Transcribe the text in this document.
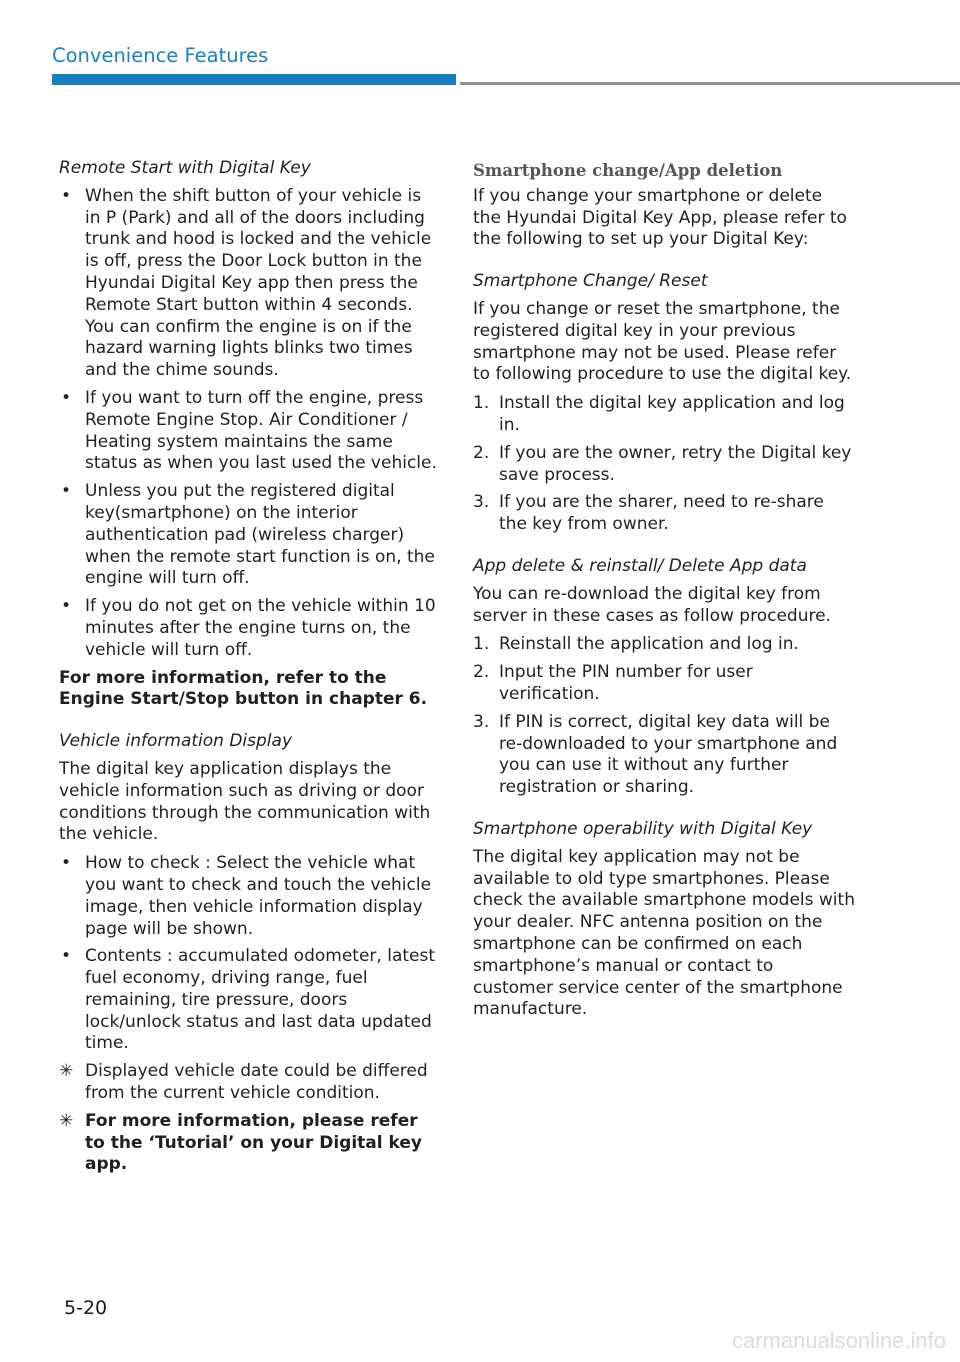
Convenience Features
Remote Start with Digital Key
• When the shift button of your vehicle is in P (Park) and all of the doors including trunk and hood is locked and the vehicle is off, press the Door Lock button in the Hyundai Digital Key app then press the Remote Start button within 4 seconds.
You can confirm the engine is on if the hazard warning lights blinks two times and the chime sounds.
• If you want to turn off the engine, press Remote Engine Stop. Air Conditioner / Heating system maintains the same status as when you last used the vehicle.
• Unless you put the registered digital key(smartphone) on the interior authentication pad (wireless charger) when the remote start function is on, the engine will turn off.
• If you do not get on the vehicle within 10 minutes after the engine turns on, the vehicle will turn off.

For more information, refer to the Engine Start/Stop button in chapter 6.

Vehicle information Display

The digital key application displays the vehicle information such as driving or door conditions through the communication with the vehicle.

• How to check : Select the vehicle what you want to check and touch the vehicle image, then vehicle information display page will be shown.
• Contents : accumulated odometer, latest fuel economy, driving range, fuel remaining, tire pressure, doors lock/unlock status and last data updated time.
✳ Displayed vehicle date could be differed from the current vehicle condition.
✳ For more information, please refer to the ‘Tutorial’ on your Digital key app.
Smartphone change/App deletion

If you change your smartphone or delete the Hyundai Digital Key App, please refer to the following to set up your Digital Key:

Smartphone Change/ Reset

If you change or reset the smartphone, the registered digital key in your previous smartphone may not be used. Please refer to following procedure to use the digital key.

1. Install the digital key application and log in.
2. If you are the owner, retry the Digital key save process.
3. If you are the sharer, need to re-share the key from owner.
App delete & reinstall/ Delete App data

You can re-download the digital key from server in these cases as follow procedure.

1. Reinstall the application and log in.
2. Input the PIN number for user verification.
3. If PIN is correct, digital key data will be re-downloaded to your smartphone and you can use it without any further registration or sharing.
Smartphone operability with Digital Key

The digital key application may not be available to old type smartphones. Please check the available smartphone models with your dealer. NFC antenna position on the smartphone can be confirmed on each smartphone’s manual or contact to customer service center of the smartphone manufacture.

5-20
carmanualsonline.info
